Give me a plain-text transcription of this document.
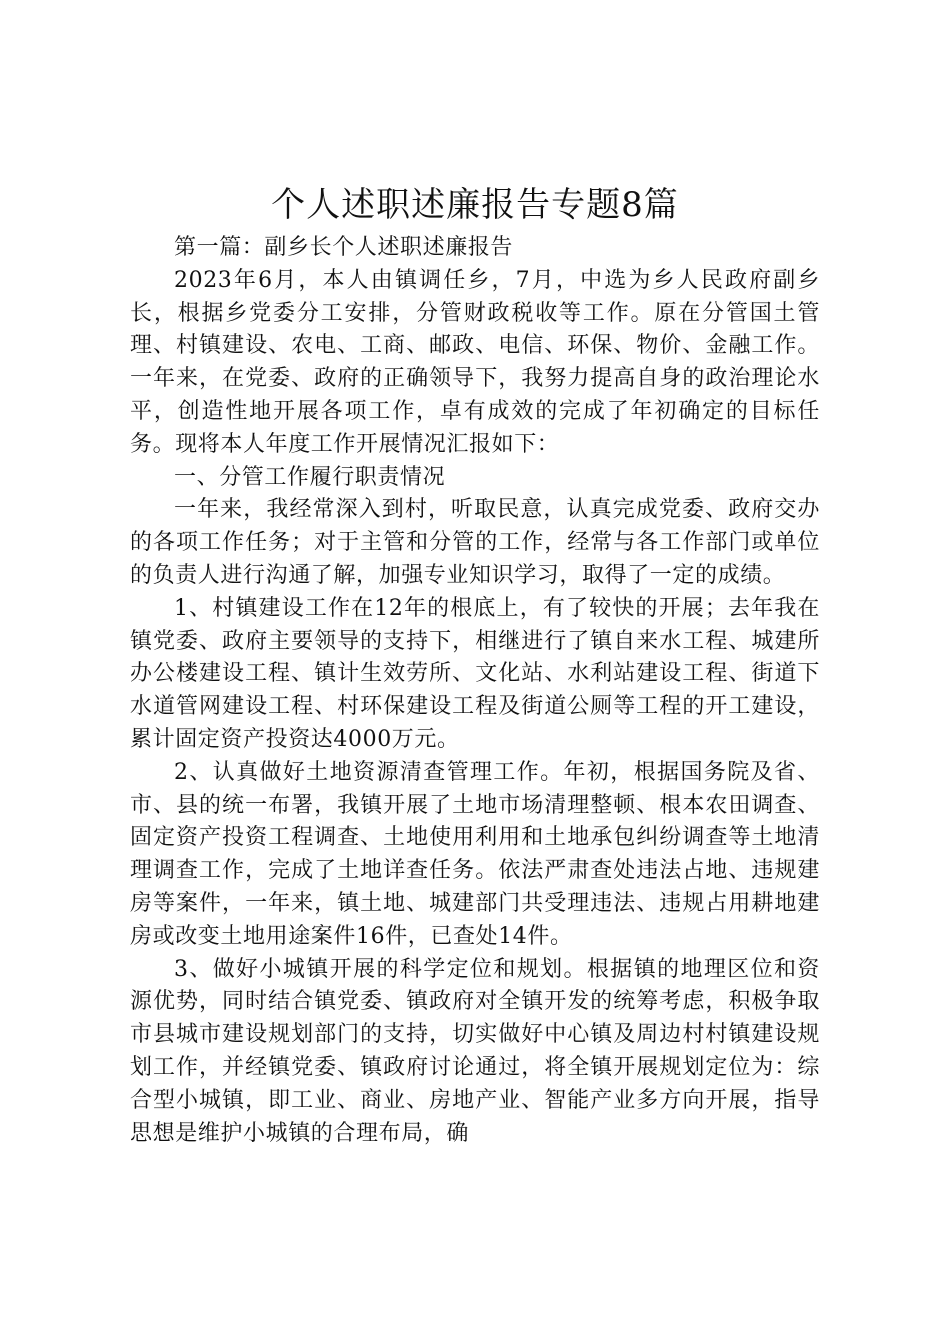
个人述职述廉报告专题8篇

第一篇：副乡长个人述职述廉报告

2023年6月，本人由镇调任乡，7月，中选为乡人民政府副乡长，根据乡党委分工安排，分管财政税收等工作。原在分管国土管理、村镇建设、农电、工商、邮政、电信、环保、物价、金融工作。一年来，在党委、政府的正确领导下，我努力提高自身的政治理论水平，创造性地开展各项工作，卓有成效的完成了年初确定的目标任务。现将本人年度工作开展情况汇报如下：

一、分管工作履行职责情况

一年来，我经常深入到村，听取民意，认真完成党委、政府交办的各项工作任务；对于主管和分管的工作，经常与各工作部门或单位的负责人进行沟通了解，加强专业知识学习，取得了一定的成绩。

1、村镇建设工作在12年的根底上，有了较快的开展；去年我在镇党委、政府主要领导的支持下，相继进行了镇自来水工程、城建所办公楼建设工程、镇计生效劳所、文化站、水利站建设工程、街道下水道管网建设工程、村环保建设工程及街道公厕等工程的开工建设，累计固定资产投资达4000万元。

2、认真做好土地资源清查管理工作。年初，根据国务院及省、市、县的统一布署，我镇开展了土地市场清理整顿、根本农田调查、固定资产投资工程调查、土地使用利用和土地承包纠纷调查等土地清理调查工作，完成了土地详查任务。依法严肃查处违法占地、违规建房等案件，一年来，镇土地、城建部门共受理违法、违规占用耕地建房或改变土地用途案件16件，已查处14件。

3、做好小城镇开展的科学定位和规划。根据镇的地理区位和资源优势，同时结合镇党委、镇政府对全镇开发的统筹考虑，积极争取市县城市建设规划部门的支持，切实做好中心镇及周边村村镇建设规划工作，并经镇党委、镇政府讨论通过，将全镇开展规划定位为：综合型小城镇，即工业、商业、房地产业、智能产业多方向开展，指导思想是维护小城镇的合理布局，确
